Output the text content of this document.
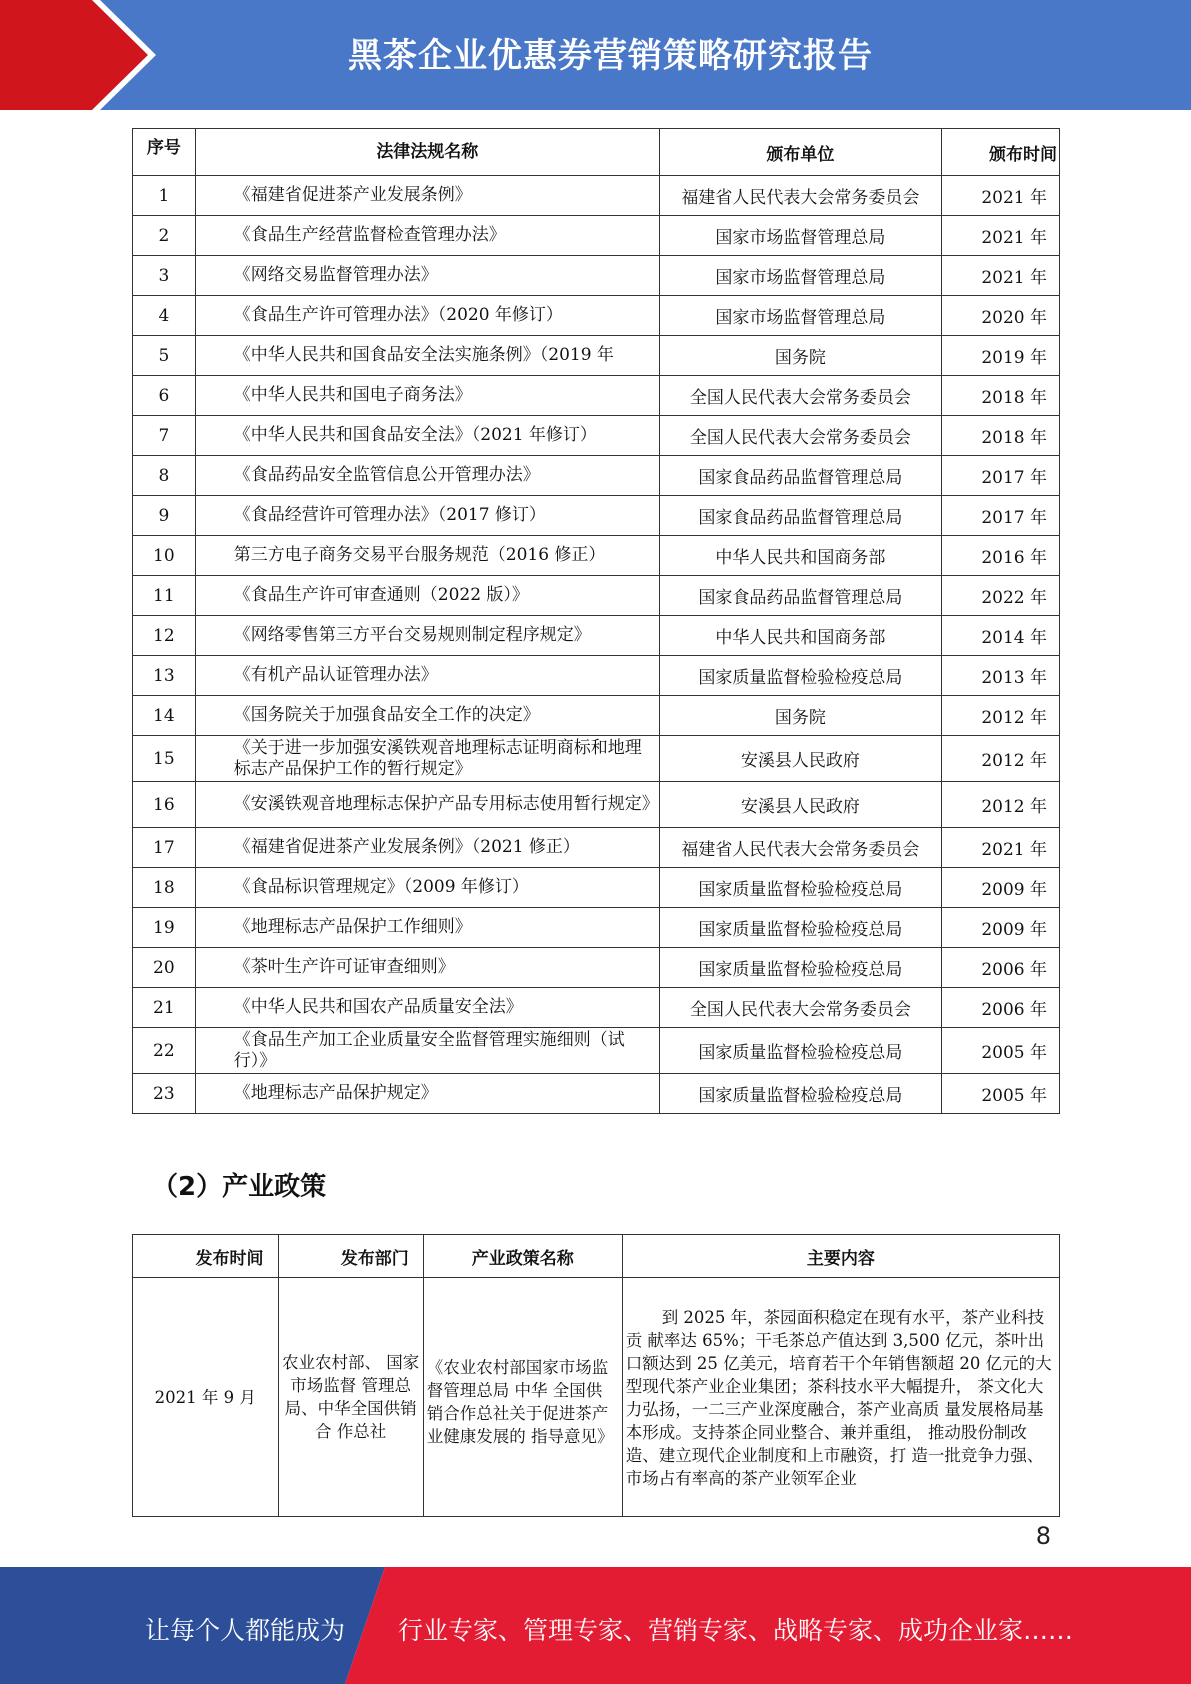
黑茶企业优惠券营销策略研究报告
序号	法律法规名称	颁布单位	颁布时间
1	《福建省促进茶产业发展条例》	福建省人民代表大会常务委员会	2021 年
2	《食品生产经营监督检查管理办法》	国家市场监督管理总局	2021 年
3	《网络交易监督管理办法》	国家市场监督管理总局	2021 年
4	《食品生产许可管理办法》（2020 年修订）	国家市场监督管理总局	2020 年
5	《中华人民共和国食品安全法实施条例》（2019 年	国务院	2019 年
6	《中华人民共和国电子商务法》	全国人民代表大会常务委员会	2018 年
7	《中华人民共和国食品安全法》（2021 年修订）	全国人民代表大会常务委员会	2018 年
8	《食品药品安全监管信息公开管理办法》	国家食品药品监督管理总局	2017 年
9	《食品经营许可管理办法》（2017 修订）	国家食品药品监督管理总局	2017 年
10	第三方电子商务交易平台服务规范（2016 修正）	中华人民共和国商务部	2016 年
11	《食品生产许可审查通则（2022 版）》	国家食品药品监督管理总局	2022 年
12	《网络零售第三方平台交易规则制定程序规定》	中华人民共和国商务部	2014 年
13	《有机产品认证管理办法》	国家质量监督检验检疫总局	2013 年
14	《国务院关于加强食品安全工作的决定》	国务院	2012 年
15	《关于进一步加强安溪铁观音地理标志证明商标和地理 标志产品保护工作的暂行规定》	安溪县人民政府	2012 年
16	《安溪铁观音地理标志保护产品专用标志使用暂行规定》	安溪县人民政府	2012 年
17	《福建省促进茶产业发展条例》（2021 修正）	福建省人民代表大会常务委员会	2021 年
18	《食品标识管理规定》（2009 年修订）	国家质量监督检验检疫总局	2009 年
19	《地理标志产品保护工作细则》	国家质量监督检验检疫总局	2009 年
20	《茶叶生产许可证审查细则》	国家质量监督检验检疫总局	2006 年
21	《中华人民共和国农产品质量安全法》	全国人民代表大会常务委员会	2006 年
22	《食品生产加工企业质量安全监督管理实施细则（试行）》	国家质量监督检验检疫总局	2005 年
23	《地理标志产品保护规定》	国家质量监督检验检疫总局	2005 年
（2）产业政策
发布时间	发布部门	产业政策名称	主要内容
2021 年 9 月	农业农村部、 国家市场监督 管理总局、中华全国供销合 作总社	《农业农村部国家市场监督管理总局 中华 全国供销合作总社关于促进茶产业健康发展的 指导意见》	到 2025 年，茶园面积稳定在现有水平，茶产业科技贡 献率达 65%；干毛茶总产值达到 3,500 亿元，茶叶出口额达到 25 亿美元，培育若干个年销售额超 20 亿元的大型现代茶产业企业集团；茶科技水平大幅提升， 茶文化大力弘扬，一二三产业深度融合，茶产业高质 量发展格局基本形成。支持茶企同业整合、兼并重组， 推动股份制改造、建立现代企业制度和上市融资，打 造一批竞争力强、市场占有率高的茶产业领军企业
8
让每个人都能成为 行业专家、管理专家、营销专家、战略专家、成功企业家……
